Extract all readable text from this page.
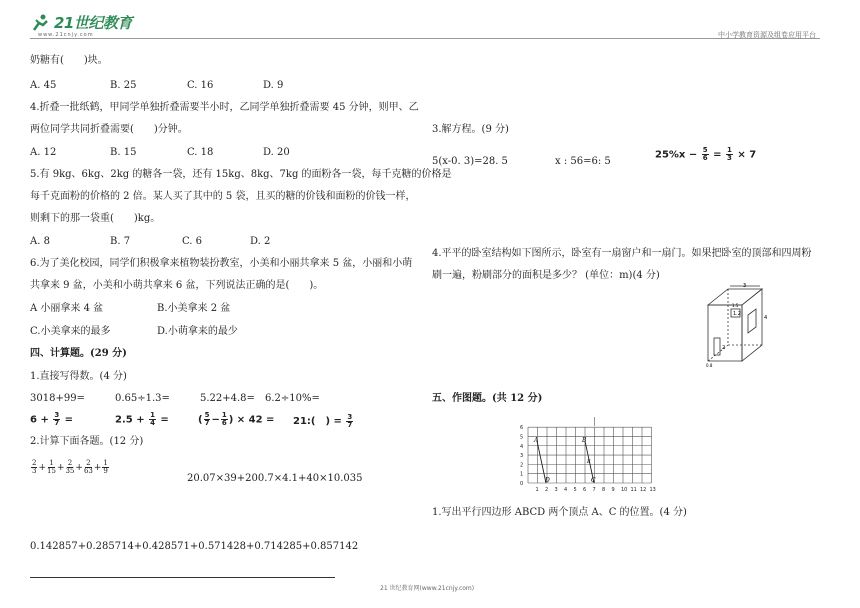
21世纪教育
www.21cnjy.com	中小学教育资源及组卷应用平台
奶糖有(　　)块。
A. 45	B. 25	C. 16	D. 9
4.折叠一批纸鹤，甲同学单独折叠需要半小时，乙同学单独折叠需要 45 分钟，则甲、乙
两位同学共同折叠需要(　　)分钟。
A. 12	B. 15	C. 18	D. 20
5.有 9kg、6kg、2kg 的糖各一袋，还有 15kg、8kg、7kg 的面粉各一袋，每千克糖的价格是
每千克面粉的价格的 2 倍。某人买了其中的 5 袋，且买的糖的价钱和面粉的价钱一样，
则剩下的那一袋重(　　)kg。
A. 8	B. 7	C. 6	D. 2
6.为了美化校园，同学们积极拿来植物装扮教室，小美和小丽共拿来 5 盆，小丽和小萌
共拿来 9 盆，小美和小萌共拿来 6 盆，下列说法正确的是(　　)。
A 小丽拿来 4 盆	B.小美拿来 2 盆
C.小美拿来的最多	D.小萌拿来的最少
四、计算题。(29 分)
1.直接写得数。(4 分)
3018+99=	0.65÷1.3=	5.22+4.8= 6.2÷10%=
$6 + \frac{3}{7}$ =	$2.5 + \frac{1}{4}$ =	( $\frac{5}{7} - \frac{1}{6}$ ) × 42 = 21:(　) = $\frac{3}{7}$
2.计算下面各题。(12 分)
$\frac{2}{3} + \frac{1}{15} + \frac{2}{35} + \frac{2}{63} + \frac{1}{9}$
20.07×39+200.7×4.1+40×10.035
0.142857+0.285714+0.428571+0.571428+0.714285+0.857142
3.解方程。(9 分)
5(x-0. 3)=28. 5	x : 56=6: 5
$25\%x - \frac{5}{6} = \frac{1}{3} \times 7$
4.平平的卧室结构如下图所示，卧室有一扇窗户和一扇门。如果把卧室的顶部和四周粉
刷一遍，粉刷部分的面积是多少？ (单位：m)(4 分)
3
1.5
1.2
4
2
0.8
五、作图题。(共 12 分)
6
5
4
3
2
1
0
1 2 3 4 5 6 7 8 9 10 11 12 13
A	B
D	C
E
1.写出平行四边形 ABCD 两个顶点 A、C 的位置。(4 分)
21 世纪教育网(www.21cnjy.com)
